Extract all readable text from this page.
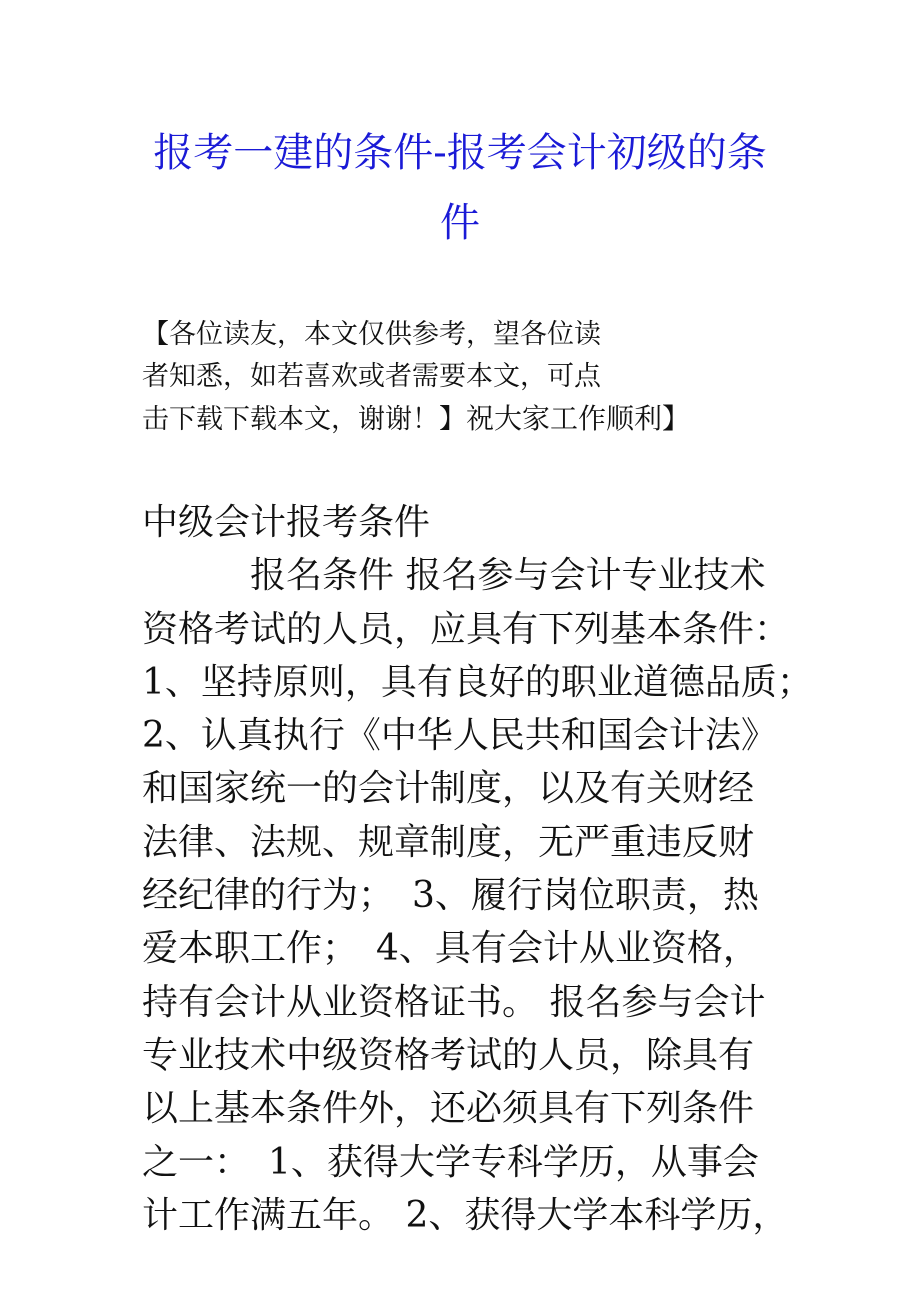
报考一建的条件-报考会计初级的条
件
【各位读友，本文仅供参考，望各位读
者知悉，如若喜欢或者需要本文，可点
击下载下载本文，谢谢！】祝大家工作顺利】
中级会计报考条件
　　　报名条件 报名参与会计专业技术
资格考试的人员，应具有下列基本条件：
1、坚持原则，具有良好的职业道德品质；
2、认真执行《中华人民共和国会计法》
和国家统一的会计制度，以及有关财经
法律、法规、规章制度，无严重违反财
经纪律的行为；　3、履行岗位职责，热
爱本职工作；　4、具有会计从业资格，
持有会计从业资格证书。 报名参与会计
专业技术中级资格考试的人员，除具有
以上基本条件外，还必须具有下列条件
之一：　1、获得大学专科学历，从事会
计工作满五年。 2、获得大学本科学历，
